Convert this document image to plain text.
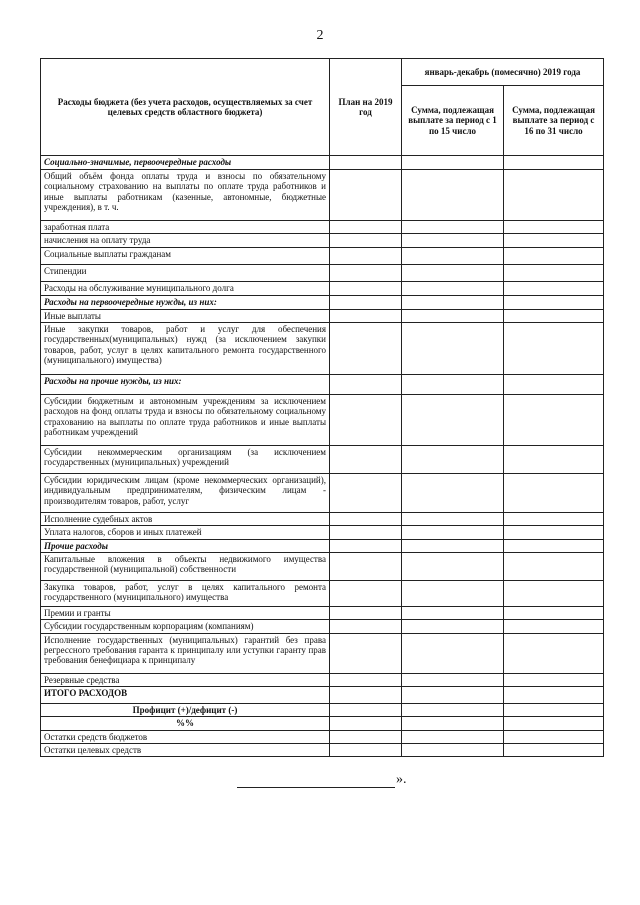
2
Расходы бюджета (без учета расходов, осуществляемых за счет целевых средств областного бюджета)	План на 2019 год	январь-декабрь (помесячно) 2019 года	
		Сумма, подлежащая выплате за период с 1 по 15 число	Сумма, подлежащая выплате за период с 16 по 31 число
Социально-значимые, первоочередные расходы			
Общий объём фонда оплаты труда и взносы по обязательному социальному страхованию на выплаты по оплате труда работников и иные выплаты работникам (казенные, автономные, бюджетные учреждения), в т. ч.			
заработная плата			
начисления на оплату труда			
Социальные выплаты гражданам			
Стипендии			
Расходы на обслуживание муниципального долга			
Расходы на первоочередные нужды, из них:			
Иные выплаты			
Иные закупки товаров, работ и услуг для обеспечения государственных(муниципальных) нужд (за исключением закупки товаров, работ, услуг в целях капитального ремонта государственного (муниципального) имущества)			
Расходы на прочие нужды, из них:			
Субсидии бюджетным и автономным учреждениям за исключением расходов на фонд оплаты труда и взносы по обязательному социальному страхованию на выплаты по оплате труда работников и иные выплаты работникам учреждений			
Субсидии некоммерческим организациям (за исключением государственных (муниципальных) учреждений			
Субсидии юридическим лицам (кроме некоммерческих организаций), индивидуальным предпринимателям, физическим лицам - производителям товаров, работ, услуг			
Исполнение судебных актов			
Уплата налогов, сборов и иных платежей			
Прочие расходы			
Капитальные вложения в объекты недвижимого имущества государственной (муниципальной) собственности			
Закупка товаров, работ, услуг в целях капитального ремонта государственного (муниципального) имущества			
Премии и гранты			
Субсидии государственным корпорациям (компаниям)			
Исполнение государственных (муниципальных) гарантий без права регрессного требования гаранта к принципалу или уступки гаранту прав требования бенефициара к принципалу			
Резервные средства			
ИТОГО РАСХОДОВ			
Профицит (+)/дефицит (-)			
%%			
Остатки средств бюджетов			
Остатки целевых средств			
».
